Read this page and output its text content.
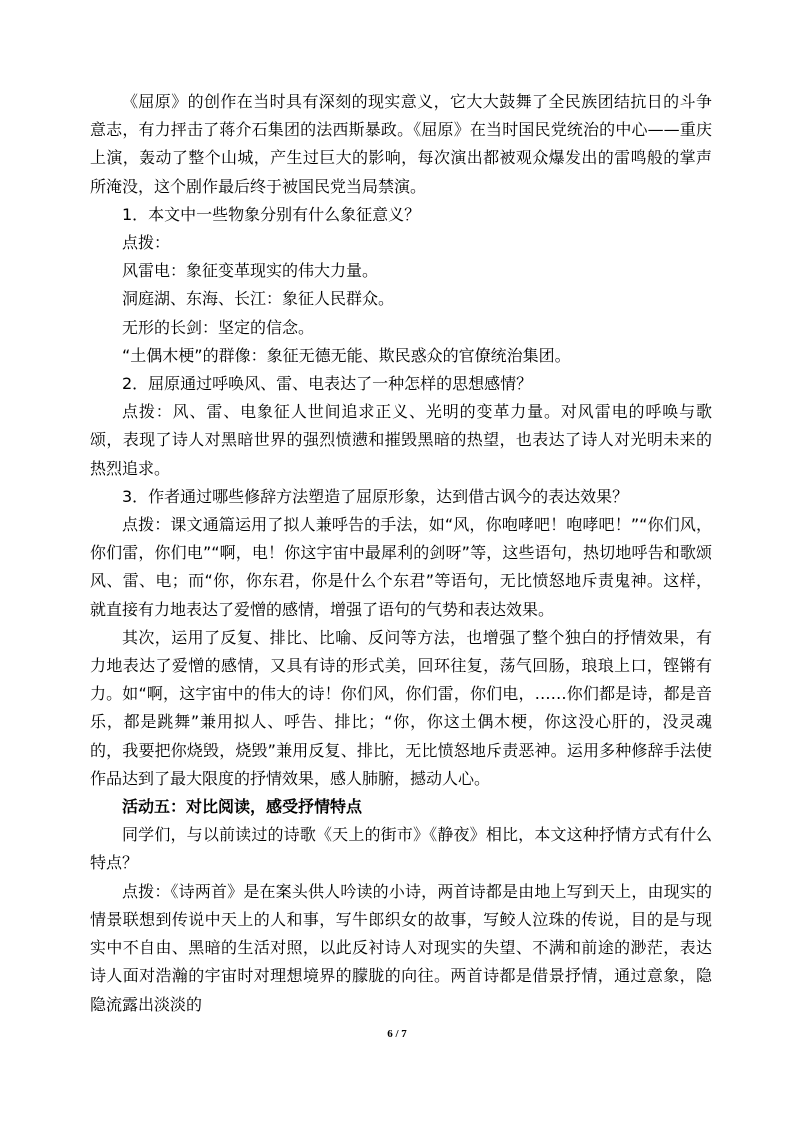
《屈原》的创作在当时具有深刻的现实意义，它大大鼓舞了全民族团结抗日的斗争意志，有力抨击了蒋介石集团的法西斯暴政。《屈原》在当时国民党统治的中心——重庆上演，轰动了整个山城，产生过巨大的影响，每次演出都被观众爆发出的雷鸣般的掌声所淹没，这个剧作最后终于被国民党当局禁演。

1．本文中一些物象分别有什么象征意义？

点拨：

风雷电：象征变革现实的伟大力量。

洞庭湖、东海、长江：象征人民群众。

无形的长剑：坚定的信念。

“土偶木梗”的群像：象征无德无能、欺民惑众的官僚统治集团。

2．屈原通过呼唤风、雷、电表达了一种怎样的思想感情？

点拨：风、雷、电象征人世间追求正义、光明的变革力量。对风雷电的呼唤与歌颂，表现了诗人对黑暗世界的强烈愤懑和摧毁黑暗的热望，也表达了诗人对光明未来的热烈追求。

3．作者通过哪些修辞方法塑造了屈原形象，达到借古讽今的表达效果？

点拨：课文通篇运用了拟人兼呼告的手法，如“风，你咆哮吧！咆哮吧！”“你们风，你们雷，你们电”“啊，电！你这宇宙中最犀利的剑呀”等，这些语句，热切地呼告和歌颂风、雷、电；而“你，你东君，你是什么个东君”等语句，无比愤怒地斥责鬼神。这样，就直接有力地表达了爱憎的感情，增强了语句的气势和表达效果。

其次，运用了反复、排比、比喻、反问等方法，也增强了整个独白的抒情效果，有力地表达了爱憎的感情，又具有诗的形式美，回环往复，荡气回肠，琅琅上口，铿锵有力。如“啊，这宇宙中的伟大的诗！你们风，你们雷，你们电，……你们都是诗，都是音乐，都是跳舞”兼用拟人、呼告、排比；“你，你这土偶木梗，你这没心肝的，没灵魂的，我要把你烧毁，烧毁”兼用反复、排比，无比愤怒地斥责恶神。运用多种修辞手法使作品达到了最大限度的抒情效果，感人肺腑，撼动人心。

活动五：对比阅读，感受抒情特点

同学们，与以前读过的诗歌《天上的街市》《静夜》相比，本文这种抒情方式有什么特点？

点拨：《诗两首》是在案头供人吟读的小诗，两首诗都是由地上写到天上，由现实的情景联想到传说中天上的人和事，写牛郎织女的故事，写鲛人泣珠的传说，目的是与现实中不自由、黑暗的生活对照，以此反衬诗人对现实的失望、不满和前途的渺茫，表达诗人面对浩瀚的宇宙时对理想境界的朦胧的向往。两首诗都是借景抒情，通过意象，隐隐流露出淡淡的

6 / 7
